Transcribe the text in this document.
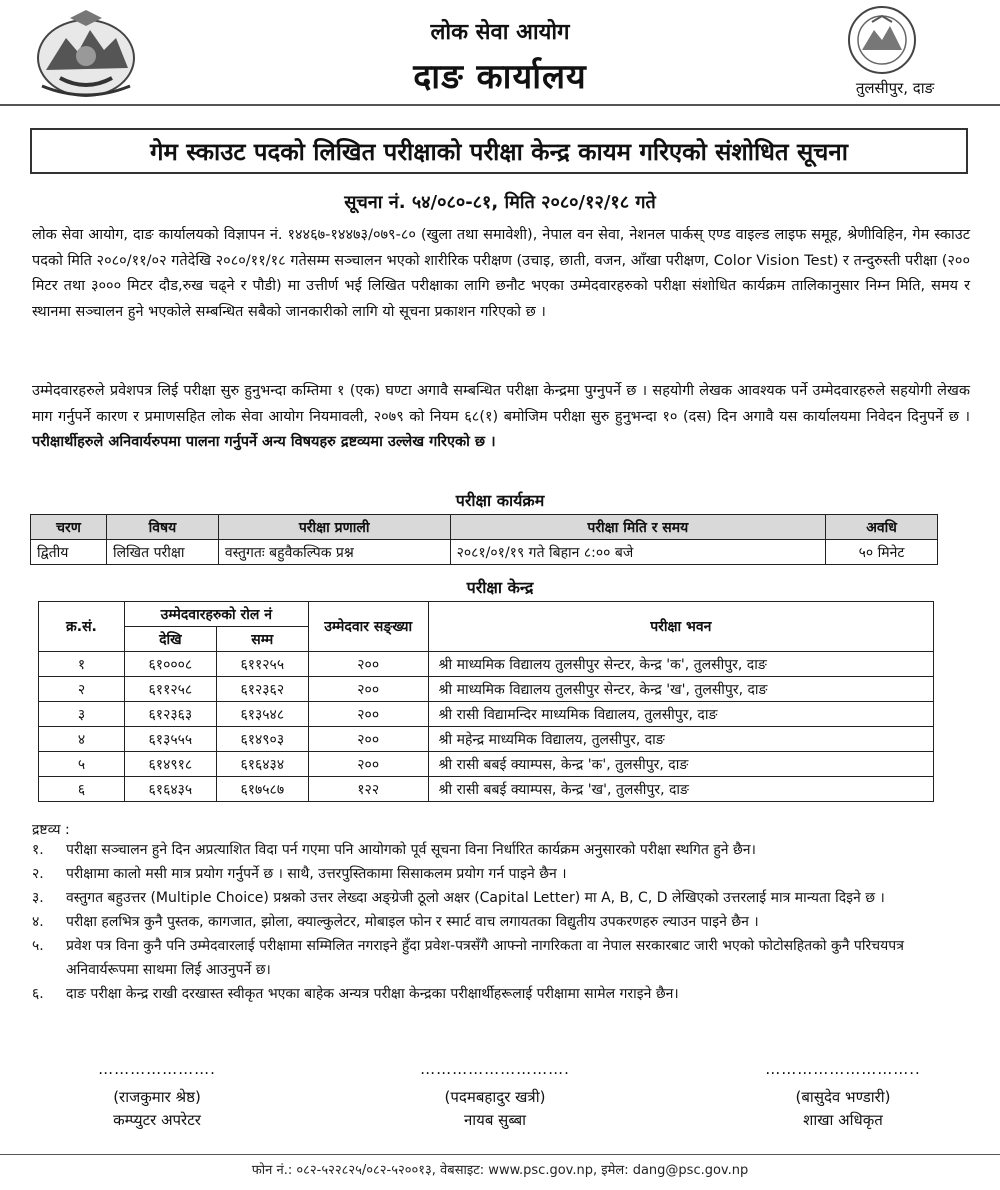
लोक सेवा आयोग
दाङ कार्यालय	तुलसीपुर, दाङ
गेम स्काउट पदको लिखित परीक्षाको परीक्षा केन्द्र कायम गरिएको संशोधित सूचना
सूचना नं. ५४/०८०-८१, मिति २०८०/१२/१८ गते

लोक सेवा आयोग, दाङ कार्यालयको विज्ञापन नं. १४४६७-१४४७३/०७९-८० (खुला तथा समावेशी), नेपाल वन सेवा, नेशनल पार्कस् एण्ड वाइल्ड लाइफ समूह, श्रेणीविहिन, गेम स्काउट पदको मिति २०८०/११/०२ गतेदेखि २०८०/११/१८ गतेसम्म सञ्चालन भएको शारीरिक परीक्षण (उचाइ, छाती, वजन, आँखा परीक्षण, Color Vision Test) र तन्दुरुस्ती परीक्षा (२०० मिटर तथा ३००० मिटर दौड,रुख चढ्ने र पौडी) मा उत्तीर्ण भई लिखित परीक्षाका लागि छनौट भएका उम्मेदवारहरुको परीक्षा संशोधित कार्यक्रम तालिकानुसार निम्न मिति, समय र स्थानमा सञ्चालन हुने भएकोले सम्बन्धित सबैको जानकारीको लागि यो सूचना प्रकाशन गरिएको छ ।

उम्मेदवारहरुले प्रवेशपत्र लिई परीक्षा सुरु हुनुभन्दा कम्तिमा १ (एक) घण्टा अगावै सम्बन्धित परीक्षा केन्द्रमा पुग्नुपर्ने छ । सहयोगी लेखक आवश्यक पर्ने उम्मेदवारहरुले सहयोगी लेखक माग गर्नुपर्ने कारण र प्रमाणसहित लोक सेवा आयोग नियमावली, २०७९ को नियम ६८(१) बमोजिम परीक्षा सुरु हुनुभन्दा १० (दस) दिन अगावै यस कार्यालयमा निवेदन दिनुपर्ने छ । परीक्षार्थीहरुले अनिवार्यरुपमा पालना गर्नुपर्ने अन्य विषयहरु द्रष्टव्यमा उल्लेख गरिएको छ ।

परीक्षा कार्यक्रम
चरण	विषय	परीक्षा प्रणाली	परीक्षा मिति र समय	अवधि
द्वितीय	लिखित परीक्षा	वस्तुगतः बहुवैकल्पिक प्रश्न	२०८१/०१/१९ गते बिहान ८:०० बजे	५० मिनेट
परीक्षा केन्द्र
क्र.सं.	उम्मेदवारहरुको रोल नं		उम्मेदवार सङ्ख्या	परीक्षा भवन
	देखि	सम्म		
१	६१०००८	६११२५५	२००	श्री माध्यमिक विद्यालय तुलसीपुर सेन्टर, केन्द्र 'क', तुलसीपुर, दाङ
२	६११२५८	६१२३६२	२००	श्री माध्यमिक विद्यालय तुलसीपुर सेन्टर, केन्द्र 'ख', तुलसीपुर, दाङ
३	६१२३६३	६१३५४८	२००	श्री रासी विद्यामन्दिर माध्यमिक विद्यालय, तुलसीपुर, दाङ
४	६१३५५५	६१४९०३	२००	श्री महेन्द्र माध्यमिक विद्यालय, तुलसीपुर, दाङ
५	६१४९१८	६१६४३४	२००	श्री रासी बबई क्याम्पस, केन्द्र 'क', तुलसीपुर, दाङ
६	६१६४३५	६१७५८७	१२२	श्री रासी बबई क्याम्पस, केन्द्र 'ख', तुलसीपुर, दाङ
द्रष्टव्य :
१. परीक्षा सञ्चालन हुने दिन अप्रत्याशित विदा पर्न गएमा पनि आयोगको पूर्व सूचना विना निर्धारित कार्यक्रम अनुसारको परीक्षा स्थगित हुने छैन।
२. परीक्षामा कालो मसी मात्र प्रयोग गर्नुपर्ने छ । साथै, उत्तरपुस्तिकामा सिसाकलम प्रयोग गर्न पाइने छैन ।
३. वस्तुगत बहुउत्तर (Multiple Choice) प्रश्नको उत्तर लेख्दा अङ्ग्रेजी ठूलो अक्षर (Capital Letter) मा A, B, C, D लेखिएको उत्तरलाई मात्र मान्यता दिइने छ ।
४. परीक्षा हलभित्र कुनै पुस्तक, कागजात, झोला, क्याल्कुलेटर, मोबाइल फोन र स्मार्ट वाच लगायतका विद्युतीय उपकरणहरु ल्याउन पाइने छैन ।
५. प्रवेश पत्र विना कुनै पनि उम्मेदवारलाई परीक्षामा सम्मिलित नगराइने हुँदा प्रवेश-पत्रसँगै आफ्नो नागरिकता वा नेपाल सरकारबाट जारी भएको फोटोसहितको कुनै परिचयपत्र अनिवार्यरूपमा साथमा लिई आउनुपर्ने छ।
६. दाङ परीक्षा केन्द्र राखी दरखास्त स्वीकृत भएका बाहेक अन्यत्र परीक्षा केन्द्रका परीक्षार्थीहरूलाई परीक्षामा सामेल गराइने छैन।
………………….
(राजकुमार श्रेष्ठ)
कम्प्युटर अपरेटर
……………………….
(पदमबहादुर खत्री)
नायब सुब्बा
………………………..
(बासुदेव भण्डारी)
शाखा अधिकृत
फोन नं.: ०८२-५२२८२५/०८२-५२००१३, वेबसाइट: www.psc.gov.np, इमेल: dang@psc.gov.np
